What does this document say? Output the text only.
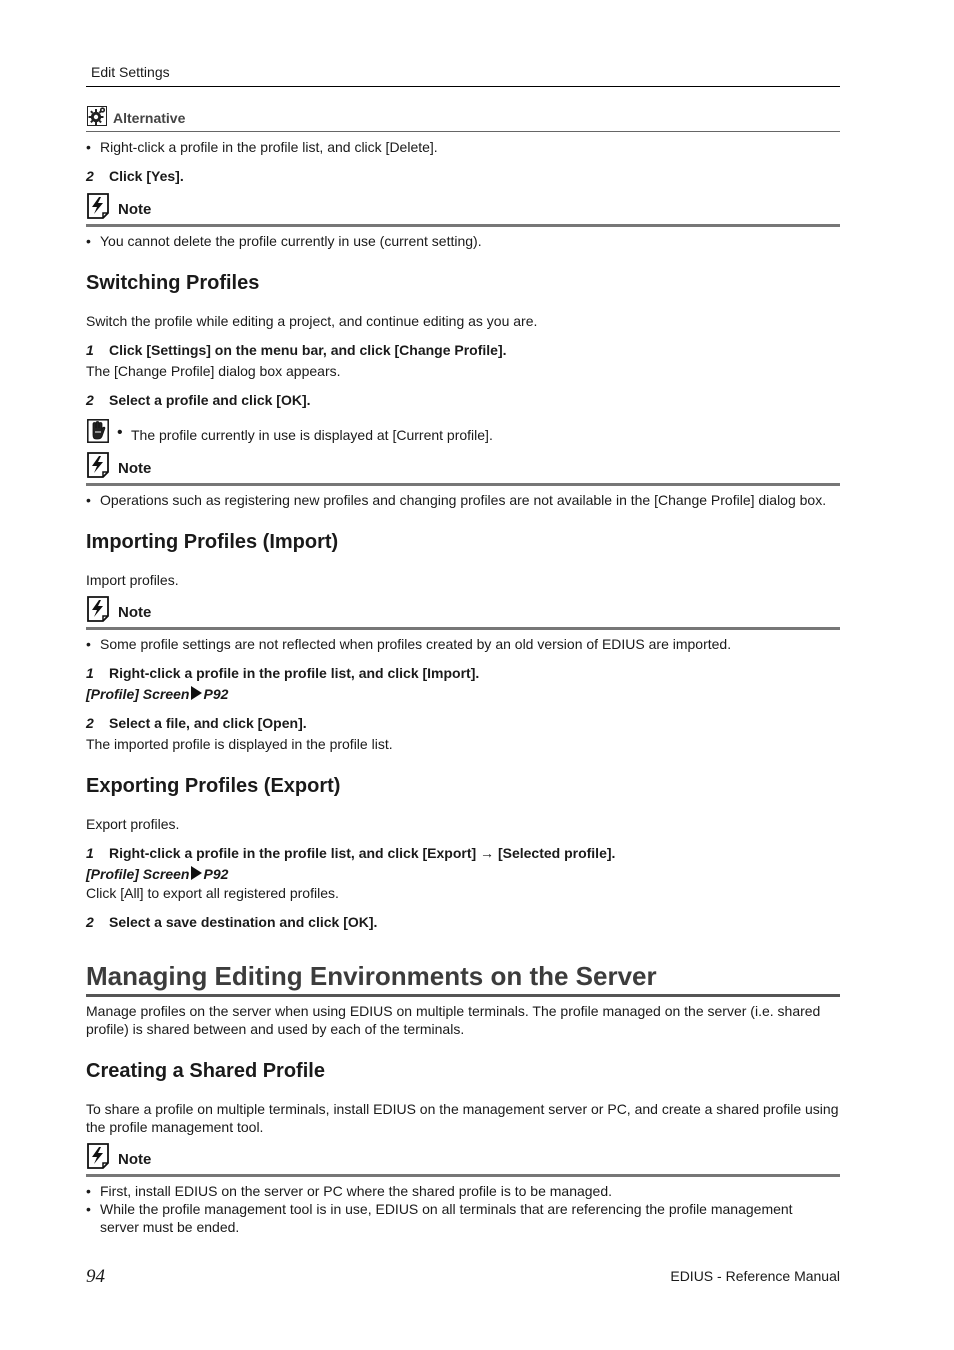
Edit Settings
Alternative
• Right-click a profile in the profile list, and click [Delete].
2 Click [Yes].
Note
• You cannot delete the profile currently in use (current setting).
Switching Profiles
Switch the profile while editing a project, and continue editing as you are.
1 Click [Settings] on the menu bar, and click [Change Profile].
The [Change Profile] dialog box appears.
2 Select a profile and click [OK].
• The profile currently in use is displayed at [Current profile].
Note
• Operations such as registering new profiles and changing profiles are not available in the [Change Profile] dialog box.
Importing Profiles (Import)
Import profiles.
Note
• Some profile settings are not reflected when profiles created by an old version of EDIUS are imported.
1 Right-click a profile in the profile list, and click [Import].
[Profile] Screen P92
2 Select a file, and click [Open].
The imported profile is displayed in the profile list.
Exporting Profiles (Export)
Export profiles.
1 Right-click a profile in the profile list, and click [Export] → [Selected profile].
[Profile] Screen P92
Click [All] to export all registered profiles.
2 Select a save destination and click [OK].
Managing Editing Environments on the Server
Manage profiles on the server when using EDIUS on multiple terminals. The profile managed on the server (i.e. shared profile) is shared between and used by each of the terminals.
Creating a Shared Profile
To share a profile on multiple terminals, install EDIUS on the management server or PC, and create a shared profile using the profile management tool.
Note
• First, install EDIUS on the server or PC where the shared profile is to be managed.
• While the profile management tool is in use, EDIUS on all terminals that are referencing the profile management server must be ended.
94	EDIUS - Reference Manual
